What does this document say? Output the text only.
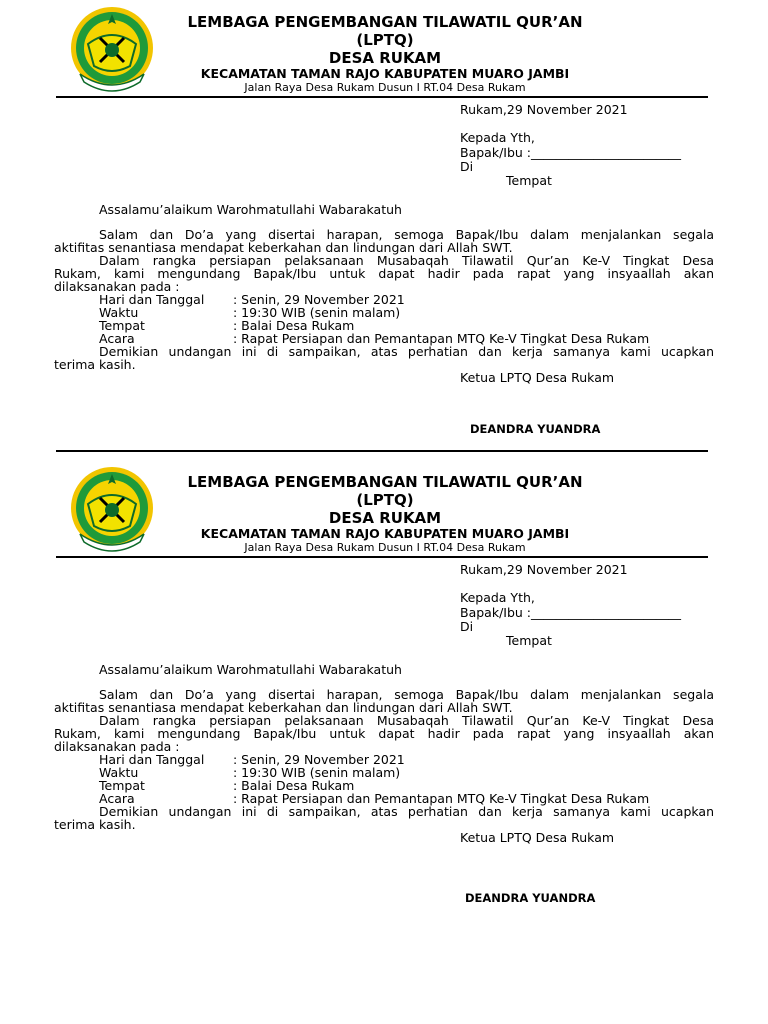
LEMBAGA PENGEMBANGAN TILAWATIL QUR’AN
(LPTQ)
DESA RUKAM
KECAMATAN TAMAN RAJO KABUPATEN MUARO JAMBI
Jalan Raya Desa Rukam Dusun I RT.04 Desa Rukam
Rukam,29 November 2021
Kepada Yth,
Bapak/Ibu :________________________
Di
Tempat
Assalamu’alaikum Warohmatullahi Wabarakatuh
Salam dan Do’a yang disertai harapan, semoga Bapak/Ibu dalam menjalankan segala
aktifitas senantiasa mendapat keberkahan dan lindungan dari Allah SWT.
Dalam rangka persiapan pelaksanaan Musabaqah Tilawatil Qur’an Ke-V Tingkat Desa
Rukam, kami mengundang Bapak/Ibu untuk dapat hadir pada rapat yang insyaallah akan
dilaksanakan pada :
Hari dan Tanggal : Senin, 29 November 2021
Waktu	: 19:30 WIB (senin malam)
Tempat	: Balai Desa Rukam
Acara	: Rapat Persiapan dan Pemantapan MTQ Ke-V Tingkat Desa Rukam
Demikian undangan ini di sampaikan, atas perhatian dan kerja samanya kami ucapkan
terima kasih.
Ketua LPTQ Desa Rukam
DEANDRA YUANDRA
LEMBAGA PENGEMBANGAN TILAWATIL QUR’AN
(LPTQ)
DESA RUKAM
KECAMATAN TAMAN RAJO KABUPATEN MUARO JAMBI
Jalan Raya Desa Rukam Dusun I RT.04 Desa Rukam
Rukam,29 November 2021
Kepada Yth,
Bapak/Ibu :________________________
Di
Tempat
Assalamu’alaikum Warohmatullahi Wabarakatuh
Salam dan Do’a yang disertai harapan, semoga Bapak/Ibu dalam menjalankan segala
aktifitas senantiasa mendapat keberkahan dan lindungan dari Allah SWT.
Dalam rangka persiapan pelaksanaan Musabaqah Tilawatil Qur’an Ke-V Tingkat Desa
Rukam, kami mengundang Bapak/Ibu untuk dapat hadir pada rapat yang insyaallah akan
dilaksanakan pada :
Hari dan Tanggal : Senin, 29 November 2021
Waktu	: 19:30 WIB (senin malam)
Tempat	: Balai Desa Rukam
Acara	: Rapat Persiapan dan Pemantapan MTQ Ke-V Tingkat Desa Rukam
Demikian undangan ini di sampaikan, atas perhatian dan kerja samanya kami ucapkan
terima kasih.
Ketua LPTQ Desa Rukam
DEANDRA YUANDRA
